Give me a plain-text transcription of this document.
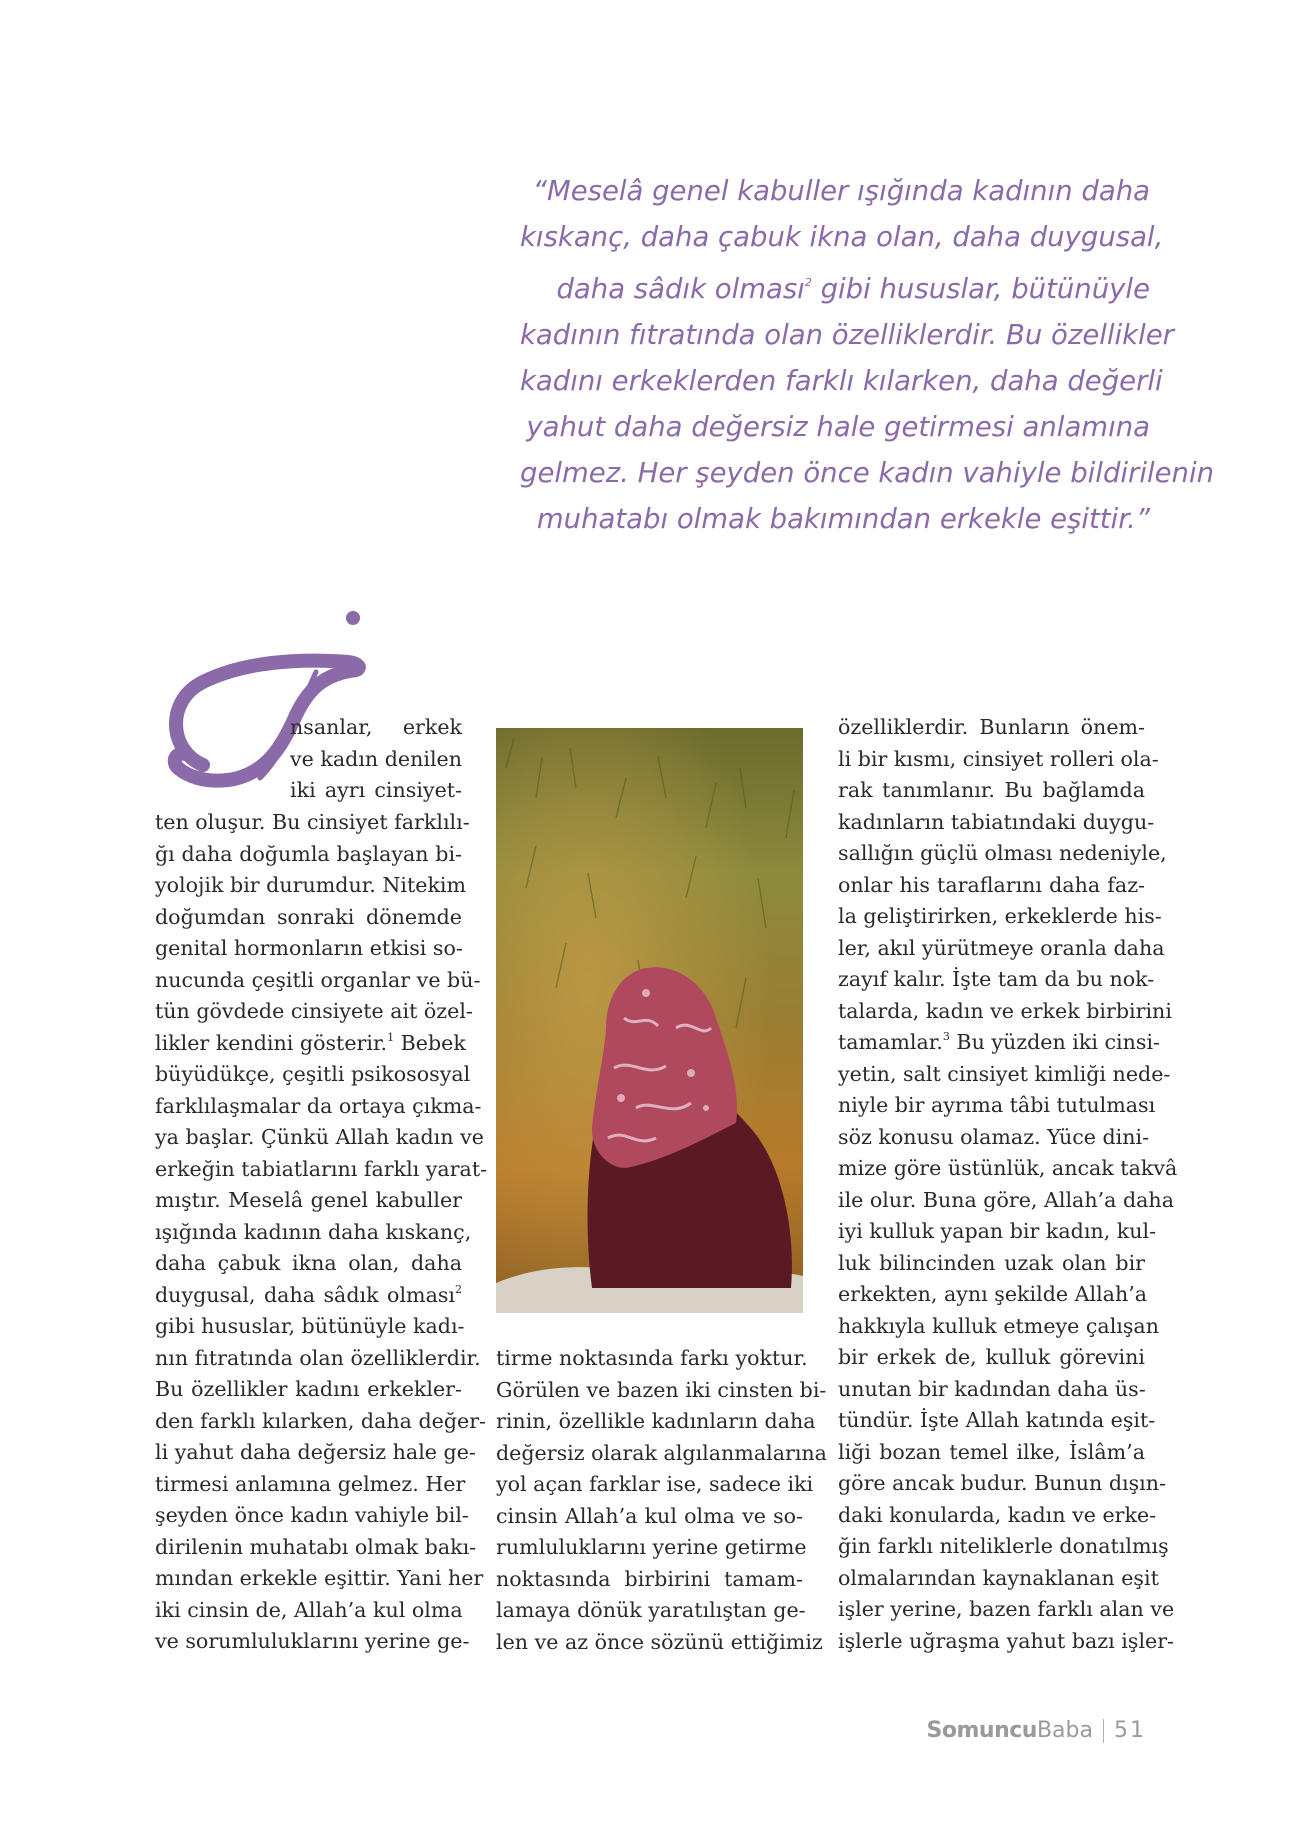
“Meselâ genel kabuller ışığında kadının daha
kıskanç, daha çabuk ikna olan, daha duygusal,
daha sâdık olması$^2$ gibi hususlar, bütünüyle
kadının fıtratında olan özelliklerdir. Bu özellikler
kadını erkeklerden farklı kılarken, daha değerli
yahut daha değersiz hale getirmesi anlamına
gelmez. Her şeyden önce kadın vahiyle bildirilenin
muhatabı olmak bakımından erkekle eşittir.”
nsanlar, erkek
ve kadın denilen
iki ayrı cinsiyet-
ten oluşur. Bu cinsiyet farklılı-
ğı daha doğumla başlayan bi-
yolojik bir durumdur. Nitekim
doğumdan sonraki dönemde
genital hormonların etkisi so-
nucunda çeşitli organlar ve bü-
tün gövdede cinsiyete ait özel-
likler kendini gösterir.$^1$ Bebek
büyüdükçe, çeşitli psikososyal
farklılaşmalar da ortaya çıkma-
ya başlar. Çünkü Allah kadın ve
erkeğin tabiatlarını farklı yarat-
mıştır. Meselâ genel kabuller
ışığında kadının daha kıskanç,
daha çabuk ikna olan, daha
duygusal, daha sâdık olması$^2$
gibi hususlar, bütünüyle kadı-
nın fıtratında olan özelliklerdir.
Bu özellikler kadını erkekler-
den farklı kılarken, daha değer-
li yahut daha değersiz hale ge-
tirmesi anlamına gelmez. Her
şeyden önce kadın vahiyle bil-
dirilenin muhatabı olmak bakı-
mından erkekle eşittir. Yani her
iki cinsin de, Allah’a kul olma
ve sorumluluklarını yerine ge-
tirme noktasında farkı yoktur.
Görülen ve bazen iki cinsten bi-
rinin, özellikle kadınların daha
değersiz olarak algılanmalarına
yol açan farklar ise, sadece iki
cinsin Allah’a kul olma ve so-
rumluluklarını yerine getirme
noktasında birbirini tamam-
lamaya dönük yaratılıştan ge-
len ve az önce sözünü ettiğimiz
özelliklerdir. Bunların önem-
li bir kısmı, cinsiyet rolleri ola-
rak tanımlanır. Bu bağlamda
kadınların tabiatındaki duygu-
sallığın güçlü olması nedeniyle,
onlar his taraflarını daha faz-
la geliştirirken, erkeklerde his-
ler, akıl yürütmeye oranla daha
zayıf kalır. İşte tam da bu nok-
talarda, kadın ve erkek birbirini
tamamlar.$^3$ Bu yüzden iki cinsi-
yetin, salt cinsiyet kimliği nede-
niyle bir ayrıma tâbi tutulması
söz konusu olamaz. Yüce dini-
mize göre üstünlük, ancak takvâ
ile olur. Buna göre, Allah’a daha
iyi kulluk yapan bir kadın, kul-
luk bilincinden uzak olan bir
erkekten, aynı şekilde Allah’a
hakkıyla kulluk etmeye çalışan
bir erkek de, kulluk görevini
unutan bir kadından daha üs-
tündür. İşte Allah katında eşit-
liği bozan temel ilke, İslâm’a
göre ancak budur. Bunun dışın-
daki konularda, kadın ve erke-
ğin farklı niteliklerle donatılmış
olmalarından kaynaklanan eşit
işler yerine, bazen farklı alan ve
işlerle uğraşma yahut bazı işler-
SomuncuBaba 51
